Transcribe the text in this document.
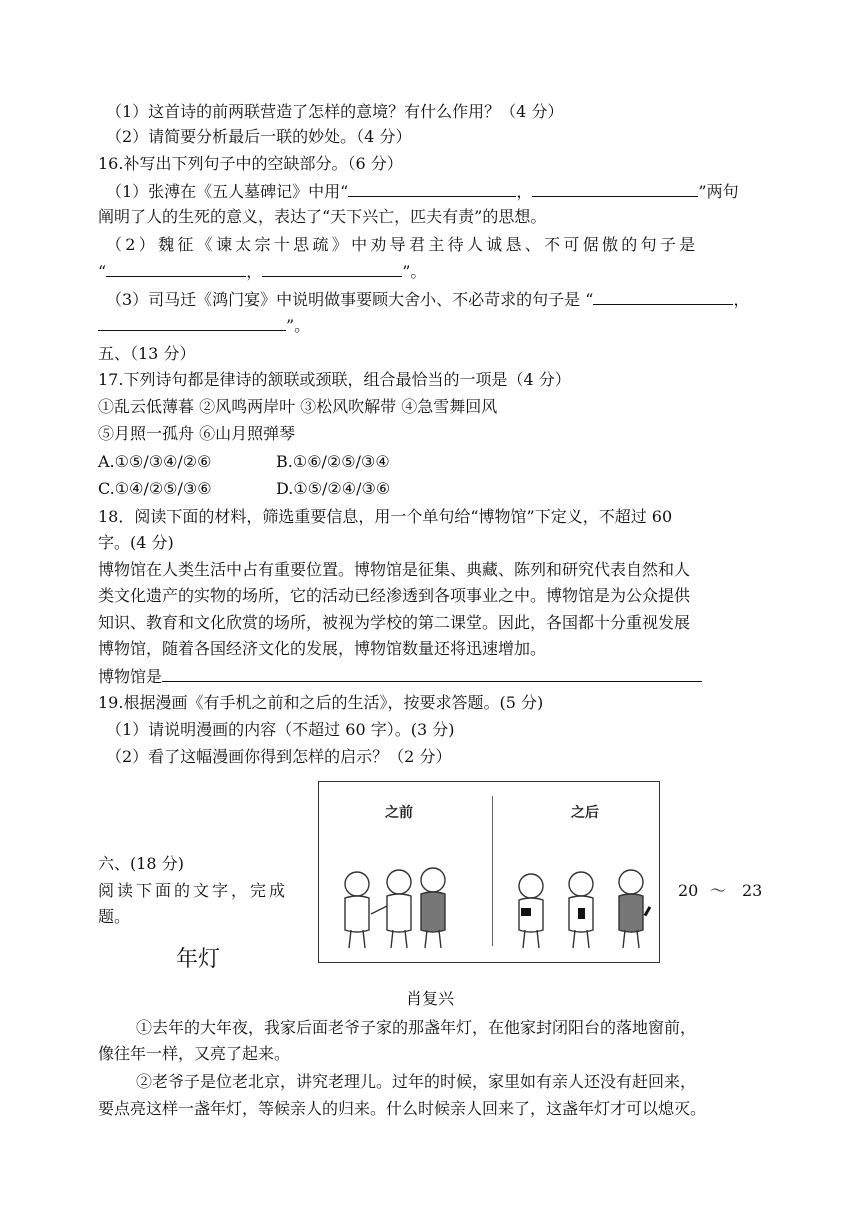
（1）这首诗的前两联营造了怎样的意境？有什么作用？（4 分）
（2）请简要分析最后一联的妙处。（4 分）
16.补写出下列句子中的空缺部分。（6 分）
（1）张溥在《五人墓碑记》中用“	，	”两句
阐明了人的生死的意义，表达了“天下兴亡，匹夫有责”的思想。
（2）魏征《谏太宗十思疏》中劝导君主待人诚恳、不可倨傲的句子是
“	，	”。
（3）司马迁《鸿门宴》中说明做事要顾大舍小、不必苛求的句子是 “	，
”。
五、（13 分）
17.下列诗句都是律诗的颔联或颈联，组合最恰当的一项是（4 分）
①乱云低薄暮 ②风鸣两岸叶 ③松风吹解带 ④急雪舞回风
⑤月照一孤舟 ⑥山月照弹琴
A.①⑤/③④/②⑥	B.①⑥/②⑤/③④
C.①④/②⑤/③⑥	D.①⑤/②④/③⑥
18．阅读下面的材料，筛选重要信息，用一个单句给“博物馆”下定义，不超过 60
字。(4 分)
博物馆在人类生活中占有重要位置。博物馆是征集、典藏、陈列和研究代表自然和人
类文化遗产的实物的场所，它的活动已经渗透到各项事业之中。博物馆是为公众提供
知识、教育和文化欣赏的场所，被视为学校的第二课堂。因此，各国都十分重视发展
博物馆，随着各国经济文化的发展，博物馆数量还将迅速增加。
博物馆是
19.根据漫画《有手机之前和之后的生活》，按要求答题。(5 分)
（1）请说明漫画的内容（不超过 60 字）。(3 分)
（2）看了这幅漫画你得到怎样的启示？（2 分）
之前	之后
六、(18 分)
阅读下面的文字，完成
题。
20 ～ 23
年灯
肖复兴
①去年的大年夜，我家后面老爷子家的那盏年灯，在他家封闭阳台的落地窗前，
像往年一样，又亮了起来。
②老爷子是位老北京，讲究老理儿。过年的时候，家里如有亲人还没有赶回来，
要点亮这样一盏年灯，等候亲人的归来。什么时候亲人回来了，这盏年灯才可以熄灭。
